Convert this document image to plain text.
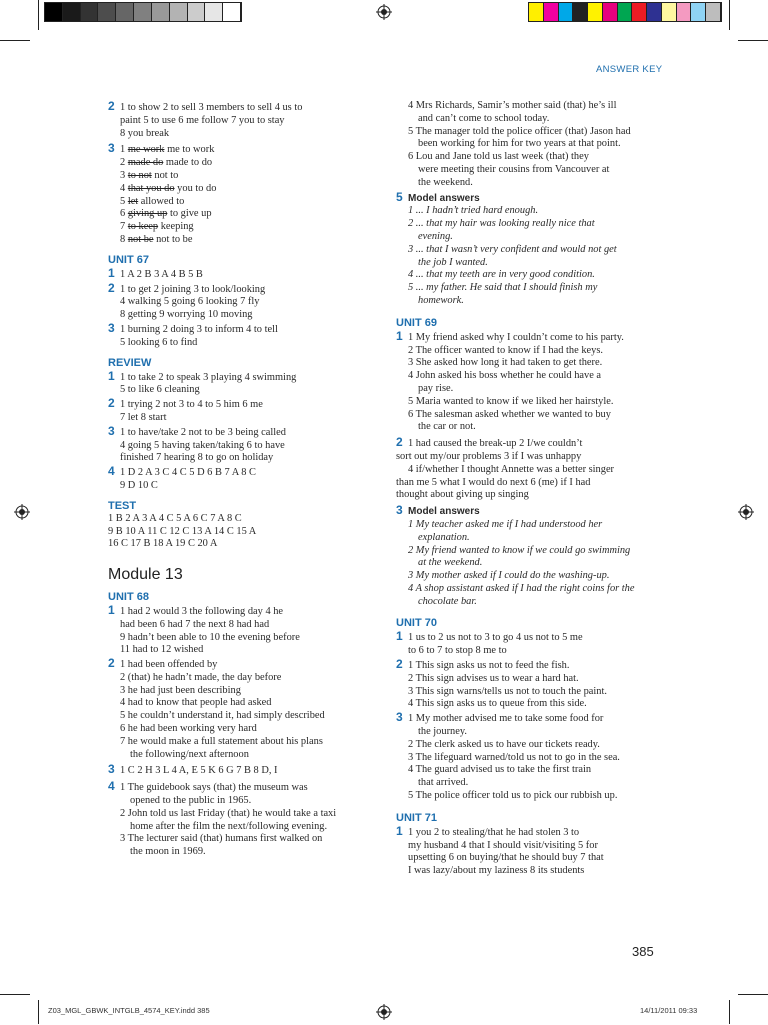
ANSWER KEY

2 1 to show 2 to sell 3 members to sell 4 us to

paint 5 to use 6 me follow 7 you to stay

8 you break

3 1 me work me to work

2 made do made to do

3 to not not to

4 that you do you to do

5 let allowed to

6 giving up to give up

7 to keep keeping

8 not be not to be

UNIT 67

1 1 A 2 B 3 A 4 B 5 B

2 1 to get 2 joining 3 to look/looking

4 walking 5 going 6 looking 7 fly

8 getting 9 worrying 10 moving

3 1 burning 2 doing 3 to inform 4 to tell

5 looking 6 to find

REVIEW

1 1 to take 2 to speak 3 playing 4 swimming

5 to like 6 cleaning

2 1 trying 2 not 3 to 4 to 5 him 6 me

7 let 8 start

3 1 to have/take 2 not to be 3 being called

4 going 5 having taken/taking 6 to have

finished 7 hearing 8 to go on holiday

4 1 D 2 A 3 C 4 C 5 D 6 B 7 A 8 C

9 D 10 C

TEST

1 B 2 A 3 A 4 C 5 A 6 C 7 A 8 C

9 B 10 A 11 C 12 C 13 A 14 C 15 A

16 C 17 B 18 A 19 C 20 A

Module 13
UNIT 68

1 1 had 2 would 3 the following day 4 he

had been 6 had 7 the next 8 had had

9 hadn’t been able to 10 the evening before

11 had to 12 wished

2 1 had been offended by

2 (that) he hadn’t made, the day before

3 he had just been describing

4 had to know that people had asked

5 he couldn’t understand it, had simply described

6 he had been working very hard

7 he would make a full statement about his plans

the following/next afternoon

3 1 C 2 H 3 L 4 A, E 5 K 6 G 7 B 8 D, I

4 1 The guidebook says (that) the museum was

opened to the public in 1965.

2 John told us last Friday (that) he would take a taxi

home after the film the next/following evening.

3 The lecturer said (that) humans first walked on

the moon in 1969.

4 Mrs Richards, Samir’s mother said (that) he’s ill

and can’t come to school today.

5 The manager told the police officer (that) Jason had

been working for him for two years at that point.

6 Lou and Jane told us last week (that) they

were meeting their cousins from Vancouver at

the weekend.

5 Model answers

1 ... I hadn’t tried hard enough.

2 ... that my hair was looking really nice that

evening.

3 ... that I wasn’t very confident and would not get

the job I wanted.

4 ... that my teeth are in very good condition.

5 ... my father. He said that I should finish my

homework.

UNIT 69

1 1 My friend asked why I couldn’t come to his party.

2 The officer wanted to know if I had the keys.

3 She asked how long it had taken to get there.

4 John asked his boss whether he could have a

pay rise.

5 Maria wanted to know if we liked her hairstyle.

6 The salesman asked whether we wanted to buy

the car or not.

2 1 had caused the break-up 2 I/we couldn’t

sort out my/our problems 3 if I was unhappy

4 if/whether I thought Annette was a better singer

than me 5 what I would do next 6 (me) if I had

thought about giving up singing

3 Model answers

1 My teacher asked me if I had understood her

explanation.

2 My friend wanted to know if we could go swimming

at the weekend.

3 My mother asked if I could do the washing-up.

4 A shop assistant asked if I had the right coins for the

chocolate bar.

UNIT 70

1 1 us to 2 us not to 3 to go 4 us not to 5 me

to 6 to 7 to stop 8 me to

2 1 This sign asks us not to feed the fish.

2 This sign advises us to wear a hard hat.

3 This sign warns/tells us not to touch the paint.

4 This sign asks us to queue from this side.

3 1 My mother advised me to take some food for

the journey.

2 The clerk asked us to have our tickets ready.

3 The lifeguard warned/told us not to go in the sea.

4 The guard advised us to take the first train

that arrived.

5 The police officer told us to pick our rubbish up.

UNIT 71

1 1 you 2 to stealing/that he had stolen 3 to

my husband 4 that I should visit/visiting 5 for

upsetting 6 on buying/that he should buy 7 that

I was lazy/about my laziness 8 its students

385
Z03_MGL_GBWK_INTGLB_4574_KEY.indd 385	14/11/2011 09:33
